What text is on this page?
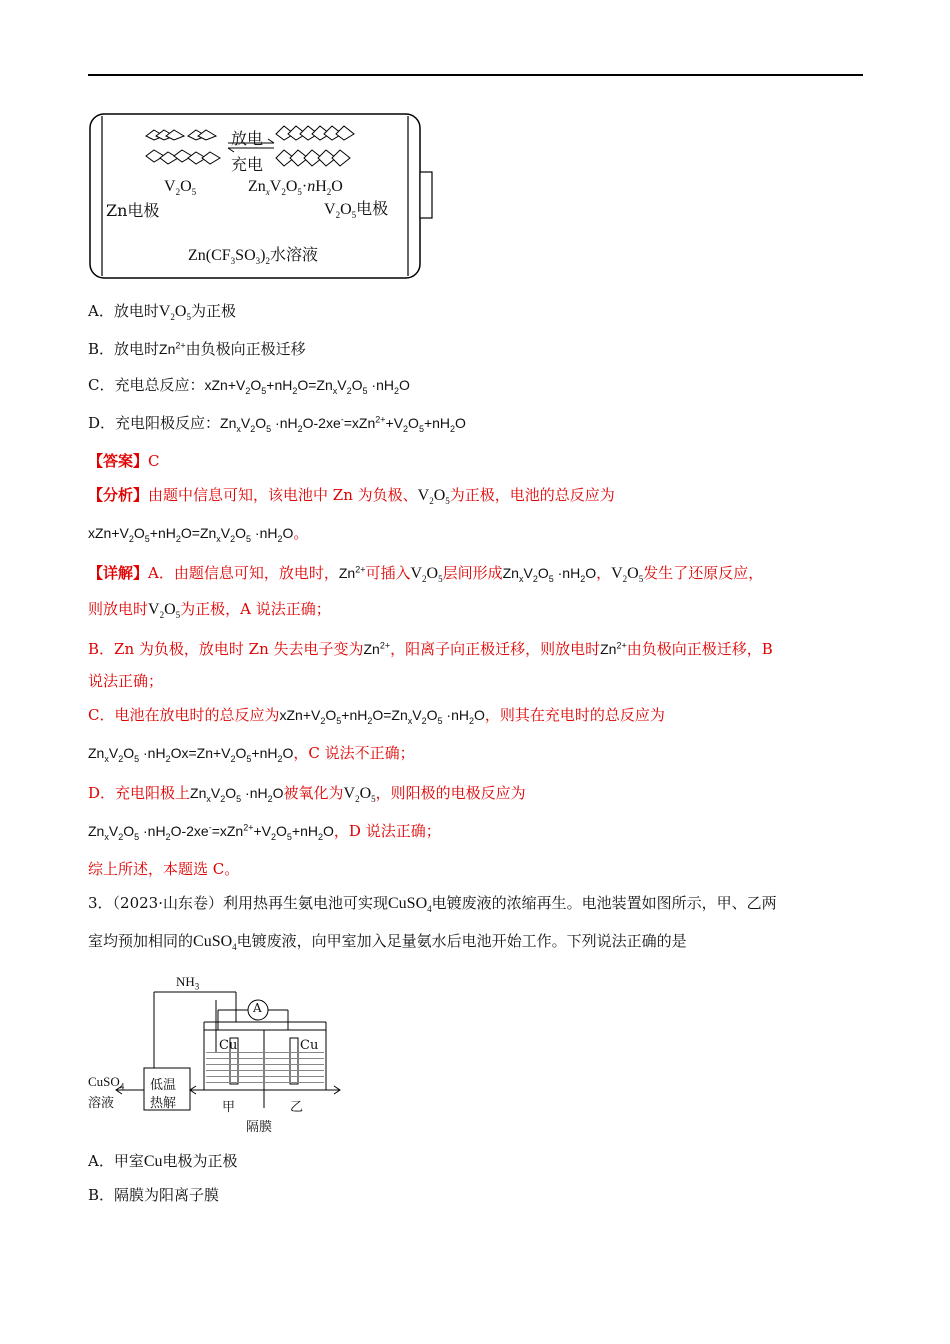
放电
充电
$V_2O_5$	$Zn_xV_2O_5\cdot nH_2O$
Zn电极	$V_2O_5$电极
$Zn(CF_3SO_3)_2$水溶液
A．放电时$V_2O_5$为正极
B．放电时$Zn^{2+}$由负极向正极迁移
C．充电总反应：$xZn+V_2O_5+nH_2O=Zn_xV_2O_5 \cdot nH_2O$
D．充电阳极反应：$Zn_xV_2O_5 \cdot nH_2O-2xe^-=xZn^{2+}+V_2O_5+nH_2O$
【答案】C
【分析】由题中信息可知，该电池中 Zn 为负极、$V_2O_5$为正极，电池的总反应为
$xZn+V_2O_5+nH_2O=Zn_xV_2O_5 \cdot nH_2O$。
【详解】A．由题信息可知，放电时，$Zn^{2+}$可插入$V_2O_5$层间形成$Zn_xV_2O_5 \cdot nH_2O$，$V_2O_5$发生了还原反应，
则放电时$V_2O_5$为正极，A 说法正确；
B．Zn 为负极，放电时 Zn 失去电子变为$Zn^{2+}$，阳离子向正极迁移，则放电时$Zn^{2+}$由负极向正极迁移，B
说法正确；
C．电池在放电时的总反应为$xZn+V_2O_5+nH_2O=Zn_xV_2O_5 \cdot nH_2O$，则其在充电时的总反应为
$Zn_xV_2O_5 \cdot nH_2Ox=Zn+V_2O_5+nH_2O$，C 说法不正确；
D．充电阳极上$Zn_xV_2O_5 \cdot nH_2O$被氧化为$V_2O_5$，则阳极的电极反应为
$Zn_xV_2O_5 \cdot nH_2O-2xe^-=xZn^{2+}+V_2O_5+nH_2O$，D 说法正确；
综上所述，本题选 C。
3．（2023·山东卷）利用热再生氨电池可实现CuSO$_4$电镀废液的浓缩再生。电池装置如图所示，甲、乙两
室均预加相同的CuSO$_4$电镀废液，向甲室加入足量氨水后电池开始工作。下列说法正确的是
$NH_3$
A
Cu	Cu
CuSO$_4$
溶液
低温
热解	甲	乙
隔膜
A．甲室Cu电极为正极
B．隔膜为阳离子膜
